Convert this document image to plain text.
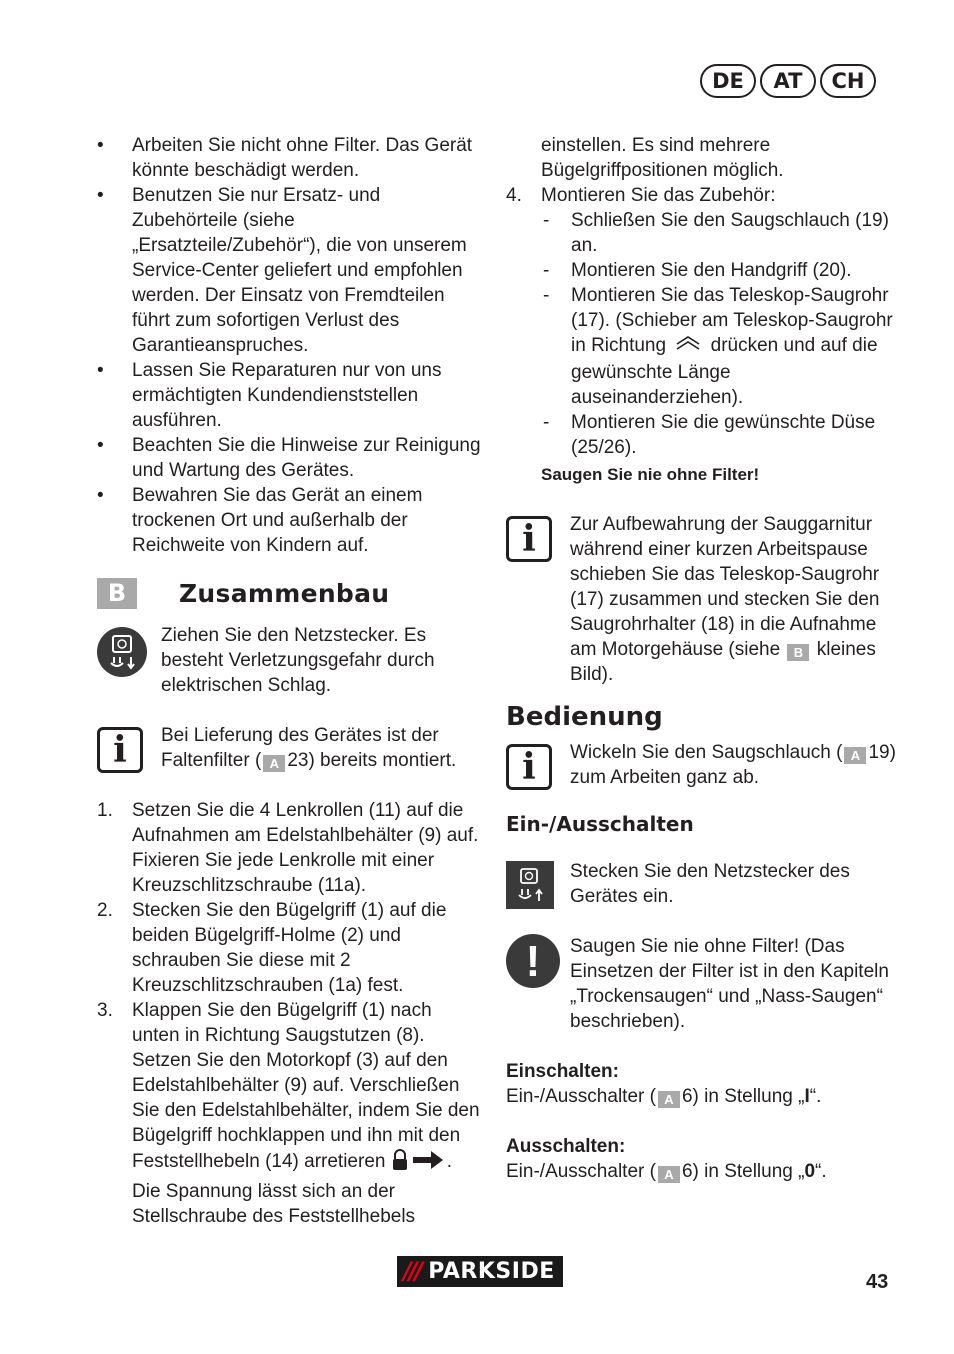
DE	AT	CH
• Arbeiten Sie nicht ohne Filter. Das Gerät könnte beschädigt werden.
• Benutzen Sie nur Ersatz- und Zubehörteile (siehe „Ersatzteile/Zubehör“), die von unserem Service-Center geliefert und empfohlen werden. Der Einsatz von Fremdteilen führt zum sofortigen Verlust des Garantieanspruches.
• Lassen Sie Reparaturen nur von uns ermächtigten Kundendienststellen ausführen.
• Beachten Sie die Hinweise zur Reinigung und Wartung des Gerätes.
• Bewahren Sie das Gerät an einem trockenen Ort und außerhalb der Reichweite von Kindern auf.
B	Zusammenbau
Ziehen Sie den Netzstecker. Es besteht Verletzungsgefahr durch elektrischen Schlag.
i	Bei Lieferung des Gerätes ist der Faltenfilter ( A 23) bereits montiert.
1. Setzen Sie die 4 Lenkrollen (11) auf die Aufnahmen am Edelstahlbehälter (9) auf. Fixieren Sie jede Lenkrolle mit einer Kreuzschlitzschraube (11a).
2. Stecken Sie den Bügelgriff (1) auf die beiden Bügelgriff-Holme (2) und schrauben Sie diese mit 2 Kreuzschlitzschrauben (1a) fest.
3. Klappen Sie den Bügelgriff (1) nach unten in Richtung Saugstutzen (8). Setzen Sie den Motorkopf (3) auf den Edelstahlbehälter (9) auf. Verschließen Sie den Edelstahlbehälter, indem Sie den Bügelgriff hochklappen und ihn mit den Feststellhebeln (14) arretieren	. Die Spannung lässt sich an der Stellschraube des Feststellhebels
einstellen. Es sind mehrere Bügelgriffpositionen möglich.
4. Montieren Sie das Zubehör:
- Schließen Sie den Saugschlauch (19) an.
- Montieren Sie den Handgriff (20).
- Montieren Sie das Teleskop-Saugrohr (17). (Schieber am Teleskop-Saugrohr in Richtung drücken und auf die gewünschte Länge auseinanderziehen).
- Montieren Sie die gewünschte Düse (25/26).
Saugen Sie nie ohne Filter!
i	Zur Aufbewahrung der Sauggarnitur während einer kurzen Arbeitspause schieben Sie das Teleskop-Saugrohr (17) zusammen und stecken Sie den Saugrohrhalter (18) in die Aufnahme am Motorgehäuse (siehe B kleines Bild).
Bedienung
i	Wickeln Sie den Saugschlauch ( A 19) zum Arbeiten ganz ab.
Ein-/Ausschalten
Stecken Sie den Netzstecker des Gerätes ein.
!	Saugen Sie nie ohne Filter! (Das Einsetzen der Filter ist in den Kapiteln „Trockensaugen“ und „Nass-Saugen“ beschrieben).
Einschalten:
Ein-/Ausschalter ( A 6) in Stellung „I“.
Ausschalten:
Ein-/Ausschalter ( A 6) in Stellung „0“.
/// PARKSIDE	43
